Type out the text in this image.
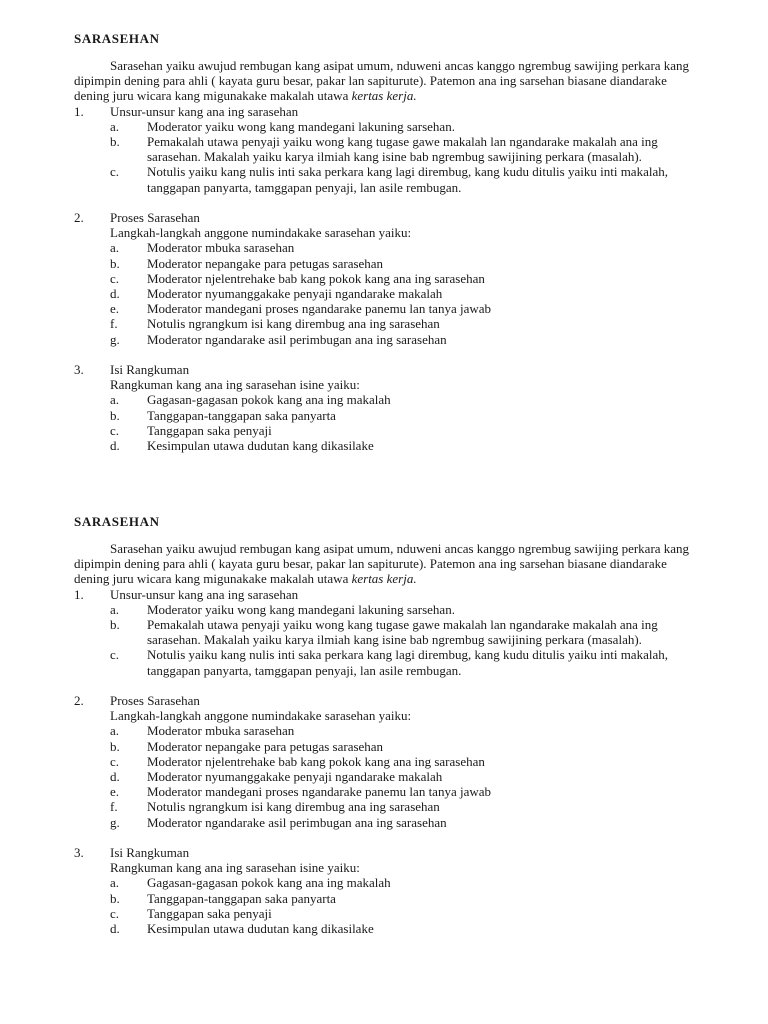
SARASEHAN

Sarasehan yaiku awujud rembugan kang asipat umum, nduweni ancas kanggo ngrembug sawijing perkara kang dipimpin dening para ahli ( kayata guru besar, pakar lan sapiturute). Patemon ana ing sarsehan biasane diandarake dening juru wicara kang migunakake makalah utawa kertas kerja.

1.	Unsur-unsur kang ana ing sarasehan
a.	Moderator yaiku wong kang mandegani lakuning sarsehan.
b.	Pemakalah utawa penyaji yaiku wong kang tugase gawe makalah lan ngandarake makalah ana ing sarasehan. Makalah yaiku karya ilmiah kang isine bab ngrembug sawijining perkara (masalah).
c.	Notulis yaiku kang nulis inti saka perkara kang lagi dirembug, kang kudu ditulis yaiku inti makalah, tanggapan panyarta, tamggapan penyaji, lan asile rembugan.
2.	Proses Sarasehan
Langkah-langkah anggone numindakake sarasehan yaiku:
a.	Moderator mbuka sarasehan
b.	Moderator nepangake para petugas sarasehan
c.	Moderator njelentrehake bab kang pokok kang ana ing sarasehan
d.	Moderator nyumanggakake penyaji ngandarake makalah
e.	Moderator mandegani proses ngandarake panemu lan tanya jawab
f.	Notulis ngrangkum isi kang dirembug ana ing sarasehan
g.	Moderator ngandarake asil perimbugan ana ing sarasehan
3.	Isi Rangkuman
Rangkuman kang ana ing sarasehan isine yaiku:
a.	Gagasan-gagasan pokok kang ana ing makalah
b.	Tanggapan-tanggapan saka panyarta
c.	Tanggapan saka penyaji
d.	Kesimpulan utawa dudutan kang dikasilake
SARASEHAN

Sarasehan yaiku awujud rembugan kang asipat umum, nduweni ancas kanggo ngrembug sawijing perkara kang dipimpin dening para ahli ( kayata guru besar, pakar lan sapiturute). Patemon ana ing sarsehan biasane diandarake dening juru wicara kang migunakake makalah utawa kertas kerja.

1.	Unsur-unsur kang ana ing sarasehan
a.	Moderator yaiku wong kang mandegani lakuning sarsehan.
b.	Pemakalah utawa penyaji yaiku wong kang tugase gawe makalah lan ngandarake makalah ana ing sarasehan. Makalah yaiku karya ilmiah kang isine bab ngrembug sawijining perkara (masalah).
c.	Notulis yaiku kang nulis inti saka perkara kang lagi dirembug, kang kudu ditulis yaiku inti makalah, tanggapan panyarta, tamggapan penyaji, lan asile rembugan.
2.	Proses Sarasehan
Langkah-langkah anggone numindakake sarasehan yaiku:
a.	Moderator mbuka sarasehan
b.	Moderator nepangake para petugas sarasehan
c.	Moderator njelentrehake bab kang pokok kang ana ing sarasehan
d.	Moderator nyumanggakake penyaji ngandarake makalah
e.	Moderator mandegani proses ngandarake panemu lan tanya jawab
f.	Notulis ngrangkum isi kang dirembug ana ing sarasehan
g.	Moderator ngandarake asil perimbugan ana ing sarasehan
3.	Isi Rangkuman
Rangkuman kang ana ing sarasehan isine yaiku:
a.	Gagasan-gagasan pokok kang ana ing makalah
b.	Tanggapan-tanggapan saka panyarta
c.	Tanggapan saka penyaji
d.	Kesimpulan utawa dudutan kang dikasilake
